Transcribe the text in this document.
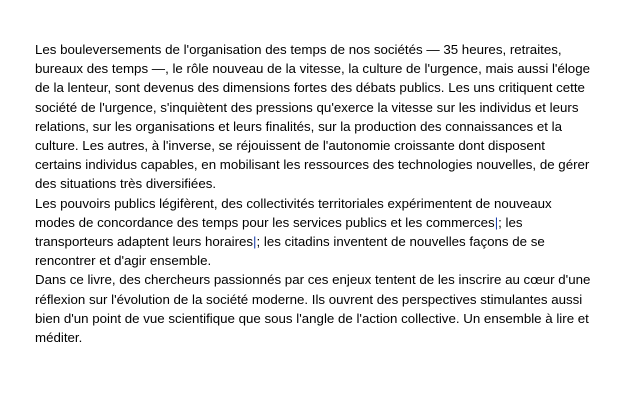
Les bouleversements de l'organisation des temps de nos sociétés — 35 heures, retraites, bureaux des temps —, le rôle nouveau de la vitesse, la culture de l'urgence, mais aussi l'éloge de la lenteur, sont devenus des dimensions fortes des débats publics. Les uns critiquent cette société de l'urgence, s'inquiètent des pressions qu'exerce la vitesse sur les individus et leurs relations, sur les organisations et leurs finalités, sur la production des connaissances et la culture. Les autres, à l'inverse, se réjouissent de l'autonomie croissante dont disposent certains individus capables, en mobilisant les ressources des technologies nouvelles, de gérer des situations très diversifiées.

Les pouvoirs publics légifèrent, des collectivités territoriales expérimentent de nouveaux modes de concordance des temps pour les services publics et les commerces|; les transporteurs adaptent leurs horaires|; les citadins inventent de nouvelles façons de se rencontrer et d'agir ensemble.

Dans ce livre, des chercheurs passionnés par ces enjeux tentent de les inscrire au cœur d'une réflexion sur l'évolution de la société moderne. Ils ouvrent des perspectives stimulantes aussi bien d'un point de vue scientifique que sous l'angle de l'action collective. Un ensemble à lire et méditer.
